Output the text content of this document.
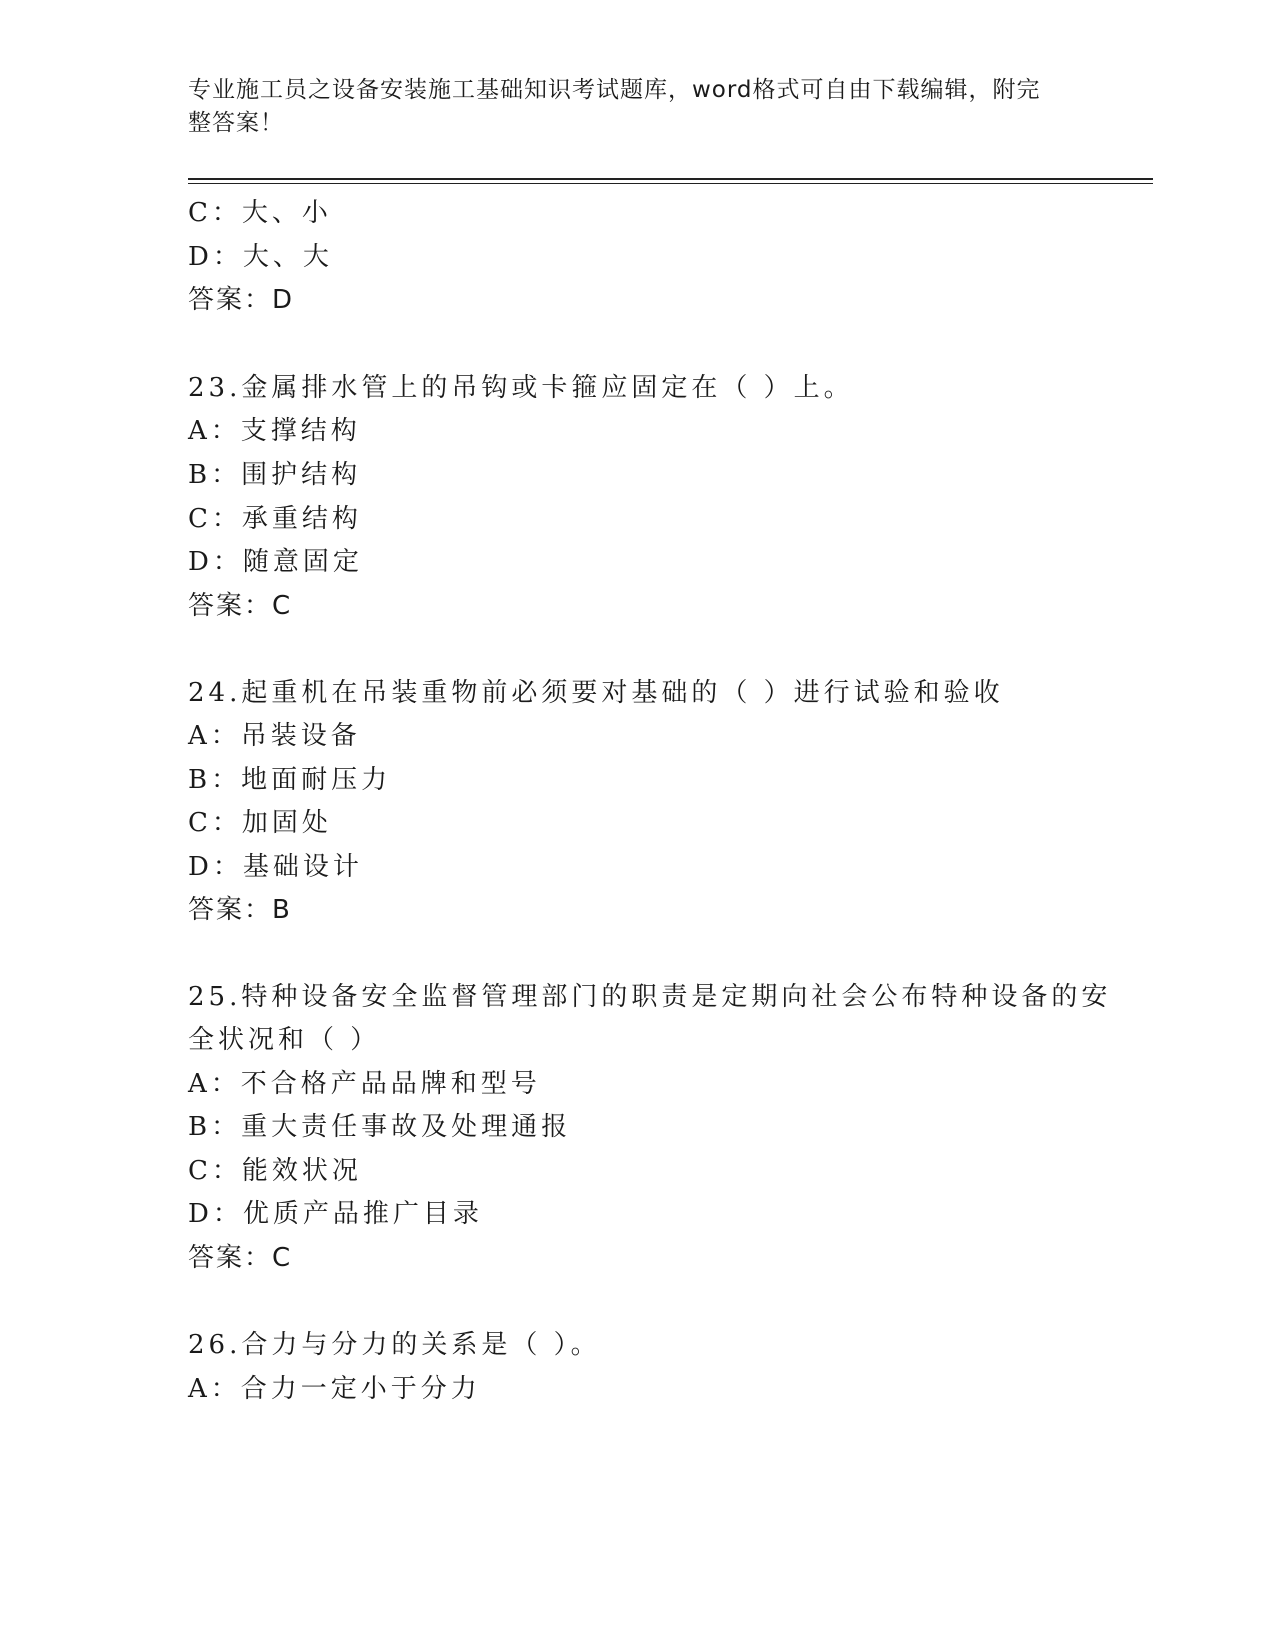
专业施工员之设备安装施工基础知识考试题库，word格式可自由下载编辑，附完
整答案！
C：大、小
D：大、大
答案：D
23.金属排水管上的吊钩或卡箍应固定在（ ）上。
A：支撑结构
B：围护结构
C：承重结构
D：随意固定
答案：C
24.起重机在吊装重物前必须要对基础的（ ）进行试验和验收
A：吊装设备
B：地面耐压力
C：加固处
D：基础设计
答案：B
25.特种设备安全监督管理部门的职责是定期向社会公布特种设备的安
全状况和（ ）
A：不合格产品品牌和型号
B：重大责任事故及处理通报
C：能效状况
D：优质产品推广目录
答案：C
26.合力与分力的关系是（ ）。
A：合力一定小于分力
